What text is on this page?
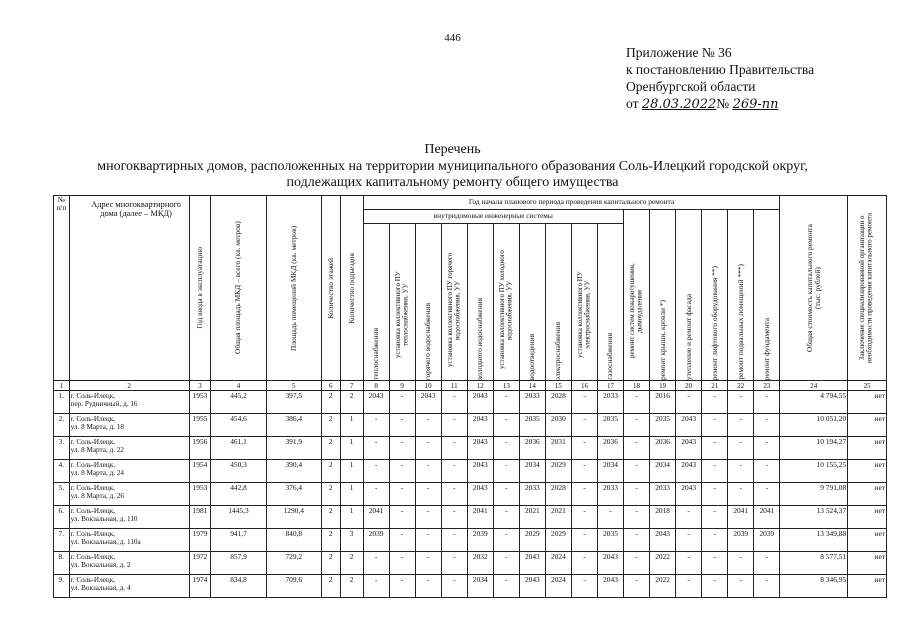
446
Приложение № 36
к постановлению Правительства
Оренбургской области
от 28.03.2022№ 269-пп
Перечень
многоквартирных домов, расположенных на территории муниципального образования Соль-Илецкий городской округ,
подлежащих капитальному ремонту общего имущества
№ п/п	Адрес многоквартирного дома (далее – МКД)	Год ввода в эксплуатацию	Общая площадь МКД – всего (кв. метров)	Площадь помещений МКД (кв. метров)	Количество этажей	Количество подъездов	Год начала планового периода проведения капитального ремонта																Общая стоимость капитального ремонта (тыс. рублей)	Заключение специализированной организации о необходимости проведения капитального ремонта

							внутридомовые инженерные системы										ремонт систем пожаротушения, дымоудаления	ремонт крыши, кровли *)	утепление и ремонт фасада	ремонт лифтового оборудования **)	ремонт подвальных помещений ***)	ремонт фундамента		

							теплоснабжения	установка коллективного ПУ теплоснабжения, УУ	горячего водоснабжения	установка коллективного ПУ горячего водоснабжения, УУ	холодного водоснабжения	установка коллективного ПУ холодного водоснабжения, УУ	водоотведения	электроснабжения	установка коллективного ПУ электроснабжения, УУ	газоснабжения								

1	2	3	4	5	6	7	8	9	10	11	12	13	14	15	16	17	18	19	20	21	22	23	24	25
1.	г. Соль-Илецк,
пер. Рудничный, д. 16	1953	445,2	397,5	2	2	2043	-	2043	-	2043	-	2033	2028	-	2033	-	2016	-	-	-	-	4 794,55	нет
2.	г. Соль-Илецк,
ул. 8 Марта, д. 18	1955	454,6	386,4	2	1	-	-	-	-	2043	-	2035	2030	-	2035	-	2035	2043	-	-	-	10 051,20	нет
3.	г. Соль-Илецк,
ул. 8 Марта, д. 22	1956	461,1	391,9	2	1	-	-	-	-	2043	-	2036	2031	-	2036	-	2036	2043	-	-	-	10 194,27	нет
4.	г. Соль-Илецк,
ул. 8 Марта, д. 24	1954	450,3	390,4	2	1	-	-	-	-	2043	-	2034	2029	-	2034	-	2034	2043	-	-	-	10 155,25	нет
5.	г. Соль-Илецк,
ул. 8 Марта, д. 26	1953	442,8	376,4	2	1	-	-	-	-	2043	-	2033	2028	-	2033	-	2033	2043	-	-	-	9 791,08	нет
6.	г. Соль-Илецк,
ул. Вокзальная, д. 110	1981	1445,3	1290,4	2	1	2041	-	-	-	2041	-	2021	2021	-	-	-	2018	-	-	2041	2041	13 524,37	нет
7.	г. Соль-Илецк,
ул. Вокзальная, д. 110а	1979	941,7	840,8	2	3	2039	-	-	-	2039	-	2029	2029	-	2035	-	2043	-	-	2039	2039	13 349,88	нет
8.	г. Соль-Илецк,
ул. Вокзальная, д. 2	1972	857,9	729,2	2	2	-	-	-	-	2032	-	2043	2024	-	2043	-	2022	-	-	-	-	8 577,51	нет
9.	г. Соль-Илецк,
ул. Вокзальная, д. 4	1974	834,8	709,6	2	2	-	-	-	-	2034	-	2043	2024	-	2043	-	2022	-	-	-	-	8 346,95	нет
